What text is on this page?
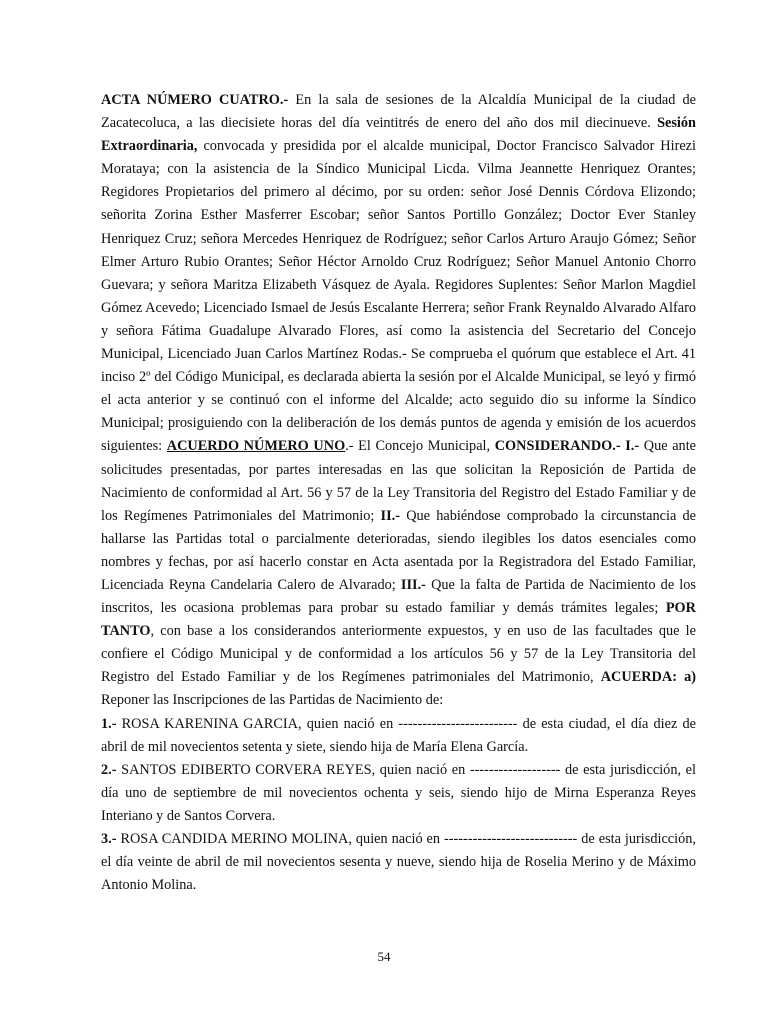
ACTA NÚMERO CUATRO.- En la sala de sesiones de la Alcaldía Municipal de la ciudad de Zacatecoluca, a las diecisiete horas del día veintitrés de enero del año dos mil diecinueve. Sesión Extraordinaria, convocada y presidida por el alcalde municipal, Doctor Francisco Salvador Hirezi Morataya; con la asistencia de la Síndico Municipal Licda. Vilma Jeannette Henriquez Orantes; Regidores Propietarios del primero al décimo, por su orden: señor José Dennis Córdova Elizondo; señorita Zorina Esther Masferrer Escobar; señor Santos Portillo González; Doctor Ever Stanley Henriquez Cruz; señora Mercedes Henriquez de Rodríguez; señor Carlos Arturo Araujo Gómez; Señor Elmer Arturo Rubio Orantes; Señor Héctor Arnoldo Cruz Rodríguez; Señor Manuel Antonio Chorro Guevara; y señora Maritza Elizabeth Vásquez de Ayala. Regidores Suplentes: Señor Marlon Magdiel Gómez Acevedo; Licenciado Ismael de Jesús Escalante Herrera; señor Frank Reynaldo Alvarado Alfaro y señora Fátima Guadalupe Alvarado Flores, así como la asistencia del Secretario del Concejo Municipal, Licenciado Juan Carlos Martínez Rodas.- Se comprueba el quórum que establece el Art. 41 inciso 2º del Código Municipal, es declarada abierta la sesión por el Alcalde Municipal, se leyó y firmó el acta anterior y se continuó con el informe del Alcalde; acto seguido dio su informe la Síndico Municipal; prosiguiendo con la deliberación de los demás puntos de agenda y emisión de los acuerdos siguientes: ACUERDO NÚMERO UNO.- El Concejo Municipal, CONSIDERANDO.- I.- Que ante solicitudes presentadas, por partes interesadas en las que solicitan la Reposición de Partida de Nacimiento de conformidad al Art. 56 y 57 de la Ley Transitoria del Registro del Estado Familiar y de los Regímenes Patrimoniales del Matrimonio; II.- Que habiéndose comprobado la circunstancia de hallarse las Partidas total o parcialmente deterioradas, siendo ilegibles los datos esenciales como nombres y fechas, por así hacerlo constar en Acta asentada por la Registradora del Estado Familiar, Licenciada Reyna Candelaria Calero de Alvarado; III.- Que la falta de Partida de Nacimiento de los inscritos, les ocasiona problemas para probar su estado familiar y demás trámites legales; POR TANTO, con base a los considerandos anteriormente expuestos, y en uso de las facultades que le confiere el Código Municipal y de conformidad a los artículos 56 y 57 de la Ley Transitoria del Registro del Estado Familiar y de los Regímenes patrimoniales del Matrimonio, ACUERDA: a) Reponer las Inscripciones de las Partidas de Nacimiento de:

1.- ROSA KARENINA GARCIA, quien nació en ------------------------- de esta ciudad, el día diez de abril de mil novecientos setenta y siete, siendo hija de María Elena García.

2.- SANTOS EDIBERTO CORVERA REYES, quien nació en ------------------- de esta jurisdicción, el día uno de septiembre de mil novecientos ochenta y seis, siendo hijo de Mirna Esperanza Reyes Interiano y de Santos Corvera.

3.- ROSA CANDIDA MERINO MOLINA, quien nació en ---------------------------- de esta jurisdicción, el día veinte de abril de mil novecientos sesenta y nueve, siendo hija de Roselia Merino y de Máximo Antonio Molina.

54
